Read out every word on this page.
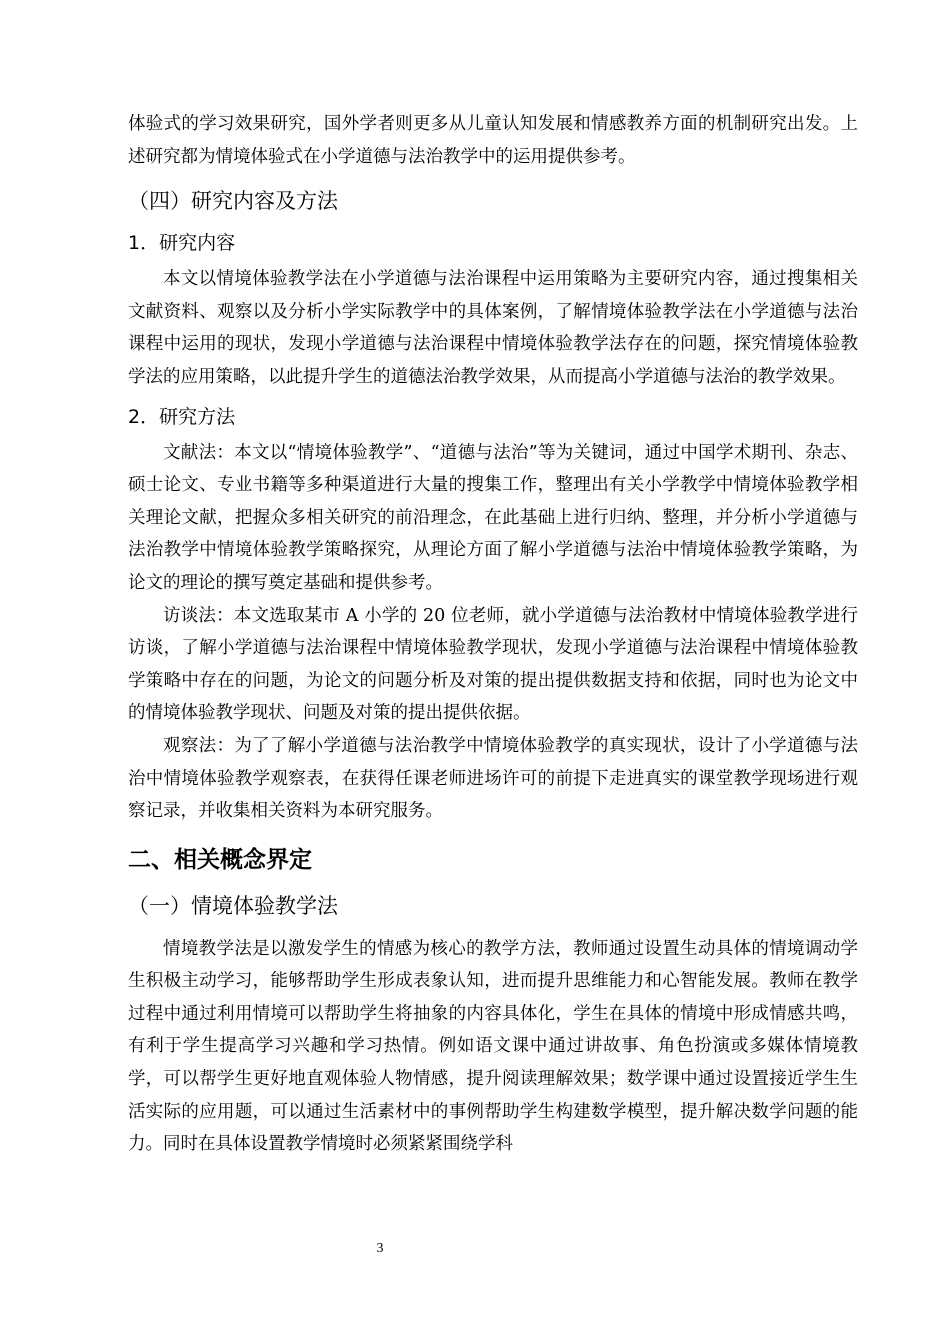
体验式的学习效果研究，国外学者则更多从儿童认知发展和情感教养方面的机制研究出发。上述研究都为情境体验式在小学道德与法治教学中的运用提供参考。

（四）研究内容及方法
1．研究内容

本文以情境体验教学法在小学道德与法治课程中运用策略为主要研究内容，通过搜集相关文献资料、观察以及分析小学实际教学中的具体案例，了解情境体验教学法在小学道德与法治课程中运用的现状，发现小学道德与法治课程中情境体验教学法存在的问题，探究情境体验教学法的应用策略，以此提升学生的道德法治教学效果，从而提高小学道德与法治的教学效果。

2．研究方法

文献法：本文以“情境体验教学”、“道德与法治”等为关键词，通过中国学术期刊、杂志、硕士论文、专业书籍等多种渠道进行大量的搜集工作，整理出有关小学教学中情境体验教学相关理论文献，把握众多相关研究的前沿理念，在此基础上进行归纳、整理，并分析小学道德与法治教学中情境体验教学策略探究，从理论方面了解小学道德与法治中情境体验教学策略，为论文的理论的撰写奠定基础和提供参考。

访谈法：本文选取某市 A 小学的 20 位老师，就小学道德与法治教材中情境体验教学进行访谈，了解小学道德与法治课程中情境体验教学现状，发现小学道德与法治课程中情境体验教学策略中存在的问题，为论文的问题分析及对策的提出提供数据支持和依据，同时也为论文中的情境体验教学现状、问题及对策的提出提供依据。

观察法：为了了解小学道德与法治教学中情境体验教学的真实现状，设计了小学道德与法治中情境体验教学观察表，在获得任课老师进场许可的前提下走进真实的课堂教学现场进行观察记录，并收集相关资料为本研究服务。

二、相关概念界定
（一）情境体验教学法

情境教学法是以激发学生的情感为核心的教学方法，教师通过设置生动具体的情境调动学生积极主动学习，能够帮助学生形成表象认知，进而提升思维能力和心智能发展。教师在教学过程中通过利用情境可以帮助学生将抽象的内容具体化，学生在具体的情境中形成情感共鸣，有利于学生提高学习兴趣和学习热情。例如语文课中通过讲故事、角色扮演或多媒体情境教学，可以帮学生更好地直观体验人物情感，提升阅读理解效果；数学课中通过设置接近学生生活实际的应用题，可以通过生活素材中的事例帮助学生构建数学模型，提升解决数学问题的能力。同时在具体设置教学情境时必须紧紧围绕学科

3
